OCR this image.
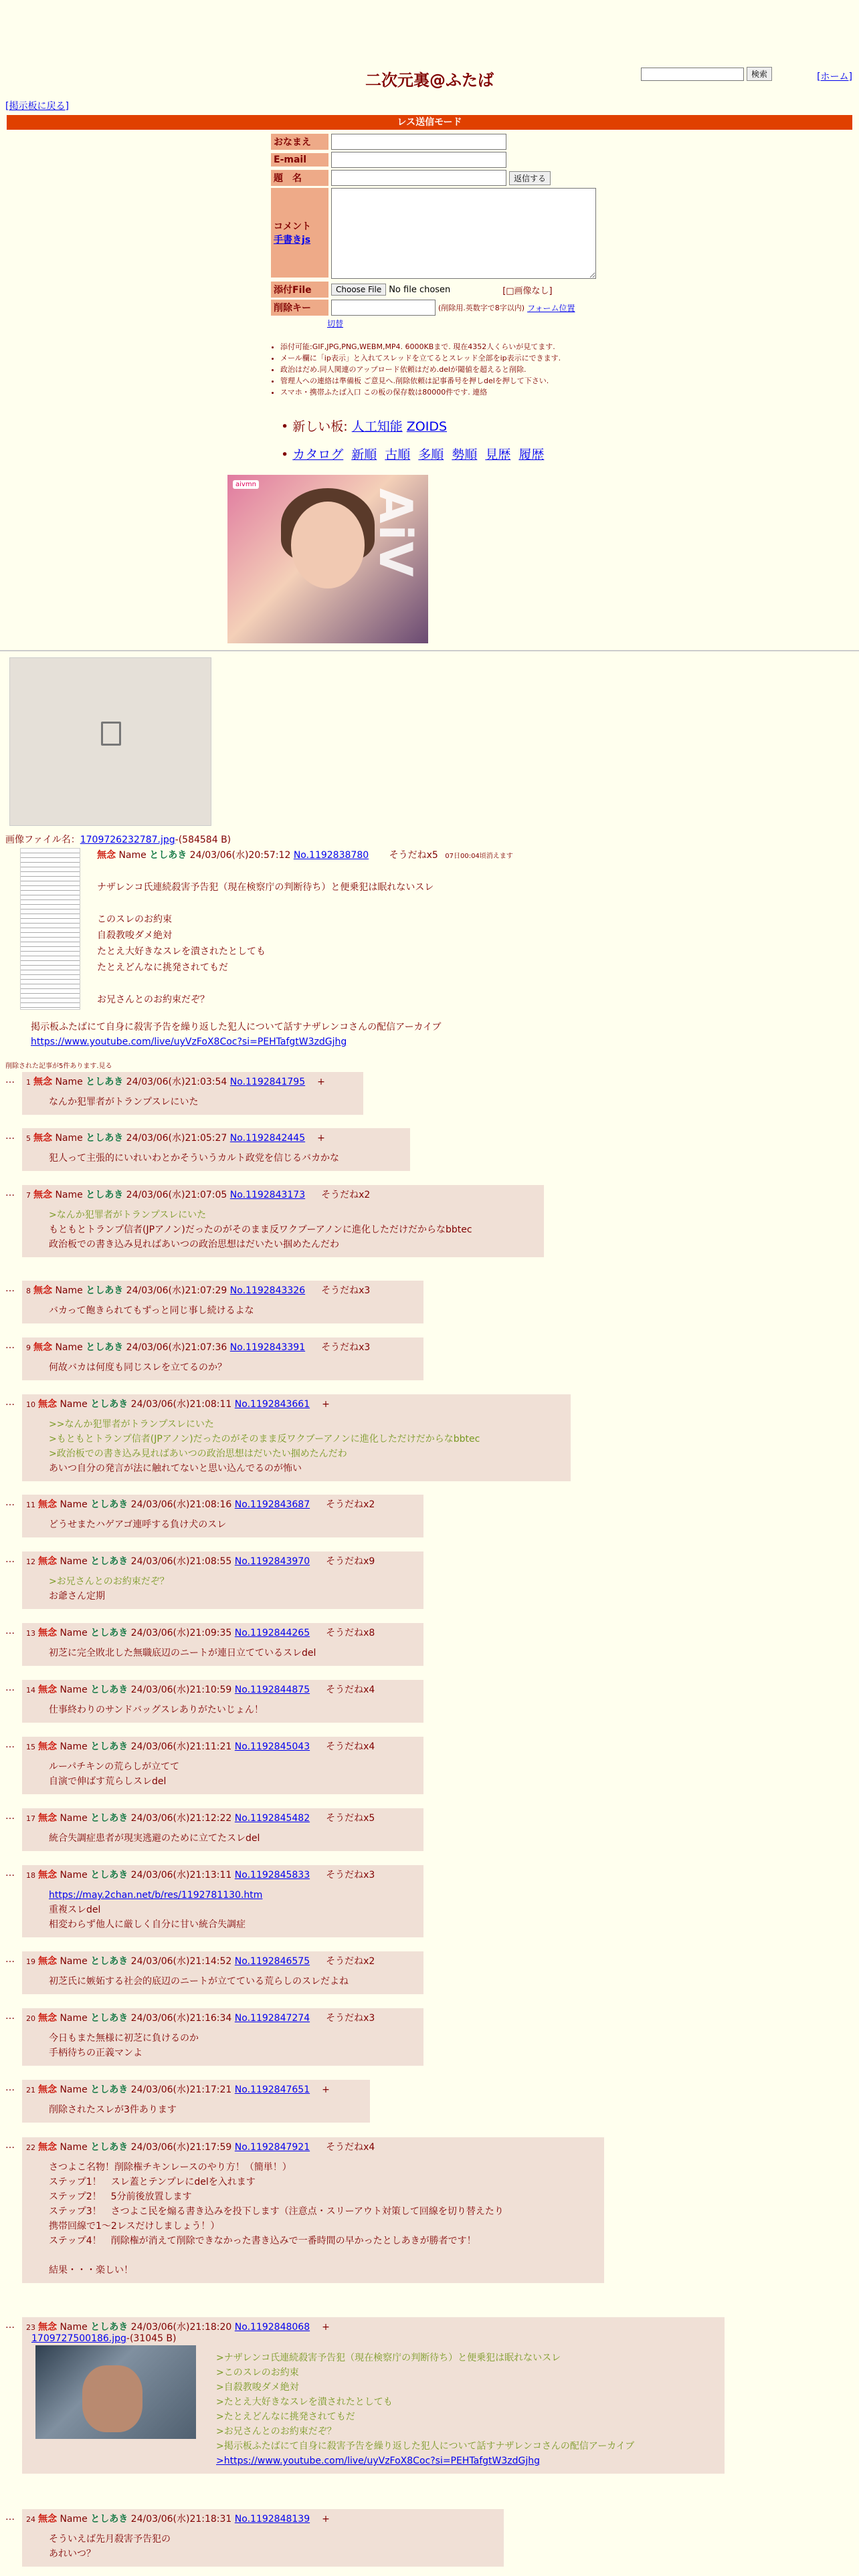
二次元裏@ふたば	検索	[ホーム]
[掲示板に戻る]
レス送信モード
おなまえ
E-mail
題　名	返信する
コメント
手書きjs
添付File	Choose File No file chosen	[□画像なし]
削除キー	(削除用.英数字で8字以内) フォーム位置
切替
• 添付可能:GIF,JPG,PNG,WEBM,MP4. 6000KBまで. 現在4352人くらいが見てます.
• メール欄に「ip表示」と入れてスレッドを立てるとスレッド全部をip表示にできます.
• 政治はだめ.同人関連のアップロード依頼はだめ.delが閾値を超えると削除.
• 管理人への連絡は準備板 ご意見へ.削除依頼は記事番号を押しdelを押して下さい.
• スマホ・携帯ふたば入口 この板の保存数は80000件です. 連絡
• 新しい板: 人工知能 ZOIDS
• カタログ 新順 古順 多順 勢順 見歴 履歴
aivmn
AiV
画像ファイル名：1709726232787.jpg-(584584 B)
無念 Name としあき 24/03/06(水)20:57:12 No.1192838780 そうだねx5 07日00:04頃消えます

ナザレンコ氏連続殺害予告犯（現在検察庁の判断待ち）と便乗犯は眠れないスレ

このスレのお約束
自殺教唆ダメ絶対
たとえ大好きなスレを潰されたとしても
たとえどんなに挑発されてもだ
お兄さんとのお約束だぞ？
掲示板ふたばにて自身に殺害予告を繰り返した犯人について話すナザレンコさんの配信アーカイブ
https://www.youtube.com/live/uyVzFoX8Coc?si=PEHTafgtW3zdGjhg
削除された記事が5件あります.見る
…	1 無念 Name としあき 24/03/06(水)21:03:54 No.1192841795 +
なんか犯罪者がトランプスレにいた
…	5 無念 Name としあき 24/03/06(水)21:05:27 No.1192842445 +
犯人って主張的にいれいわとかそういうカルト政党を信じるバカかな
…	7 無念 Name としあき 24/03/06(水)21:07:05 No.1192843173 そうだねx2
>なんか犯罪者がトランプスレにいた
もともとトランプ信者(JPアノン)だったのがそのまま反ワクブーアノンに進化しただけだからなbbtec
政治板での書き込み見ればあいつの政治思想はだいたい掴めたんだわ
…	8 無念 Name としあき 24/03/06(水)21:07:29 No.1192843326 そうだねx3
バカって飽きられてもずっと同じ事し続けるよな
…	9 無念 Name としあき 24/03/06(水)21:07:36 No.1192843391 そうだねx3
何故バカは何度も同じスレを立てるのか？
…	10 無念 Name としあき 24/03/06(水)21:08:11 No.1192843661 +
>>なんか犯罪者がトランプスレにいた
>もともとトランプ信者(JPアノン)だったのがそのまま反ワクブーアノンに進化しただけだからなbbtec
>政治板での書き込み見ればあいつの政治思想はだいたい掴めたんだわ
あいつ自分の発言が法に触れてないと思い込んでるのが怖い
…	11 無念 Name としあき 24/03/06(水)21:08:16 No.1192843687 そうだねx2
どうせまたハゲアゴ連呼する負け犬のスレ
…	12 無念 Name としあき 24/03/06(水)21:08:55 No.1192843970 そうだねx9
>お兄さんとのお約束だぞ？
お爺さん定期
…	13 無念 Name としあき 24/03/06(水)21:09:35 No.1192844265 そうだねx8
初芝に完全敗北した無職底辺のニートが連日立てているスレdel
…	14 無念 Name としあき 24/03/06(水)21:10:59 No.1192844875 そうだねx4
仕事終わりのサンドバッグスレありがたいじょん！
…	15 無念 Name としあき 24/03/06(水)21:11:21 No.1192845043 そうだねx4
ルーパチキンの荒らしが立てて
自演で伸ばす荒らしスレdel
…	17 無念 Name としあき 24/03/06(水)21:12:22 No.1192845482 そうだねx5
統合失調症患者が現実逃避のために立てたスレdel
…	18 無念 Name としあき 24/03/06(水)21:13:11 No.1192845833 そうだねx3
https://may.2chan.net/b/res/1192781130.htm
重複スレdel
相変わらず他人に厳しく自分に甘い統合失調症
…	19 無念 Name としあき 24/03/06(水)21:14:52 No.1192846575 そうだねx2
初芝氏に嫉妬する社会的底辺のニートが立てている荒らしのスレだよね
…	20 無念 Name としあき 24/03/06(水)21:16:34 No.1192847274 そうだねx3
今日もまた無様に初芝に負けるのか
手柄待ちの正義マンよ
…	21 無念 Name としあき 24/03/06(水)21:17:21 No.1192847651 +
削除されたスレが3件あります
…	22 無念 Name としあき 24/03/06(水)21:17:59 No.1192847921 そうだねx4
さつよこ名物！削除権チキンレースのやり方！（簡単！）
ステップ1！　スレ蓋とテンプレにdelを入れます
ステップ2！　5分前後放置します
ステップ3！　さつよこ民を煽る書き込みを投下します（注意点・スリーアウト対策して回線を切り替えたり
携帯回線で1～2レスだけしましょう！）
ステップ4！　削除権が消えて削除できなかった書き込みで一番時間の早かったとしあきが勝者です！

結果・・・楽しい！
…	23 無念 Name としあき 24/03/06(水)21:18:20 No.1192848068 +
1709727500186.jpg-(31045 B)
>ナザレンコ氏連続殺害予告犯（現在検察庁の判断待ち）と便乗犯は眠れないスレ
>このスレのお約束
>自殺教唆ダメ絶対
>たとえ大好きなスレを潰されたとしても
>たとえどんなに挑発されてもだ
>お兄さんとのお約束だぞ？
>掲示板ふたばにて自身に殺害予告を繰り返した犯人について話すナザレンコさんの配信アーカイブ
>https://www.youtube.com/live/uyVzFoX8Coc?si=PEHTafgtW3zdGjhg
…	24 無念 Name としあき 24/03/06(水)21:18:31 No.1192848139 +
そういえば先月殺害予告犯の
あれいつ？
